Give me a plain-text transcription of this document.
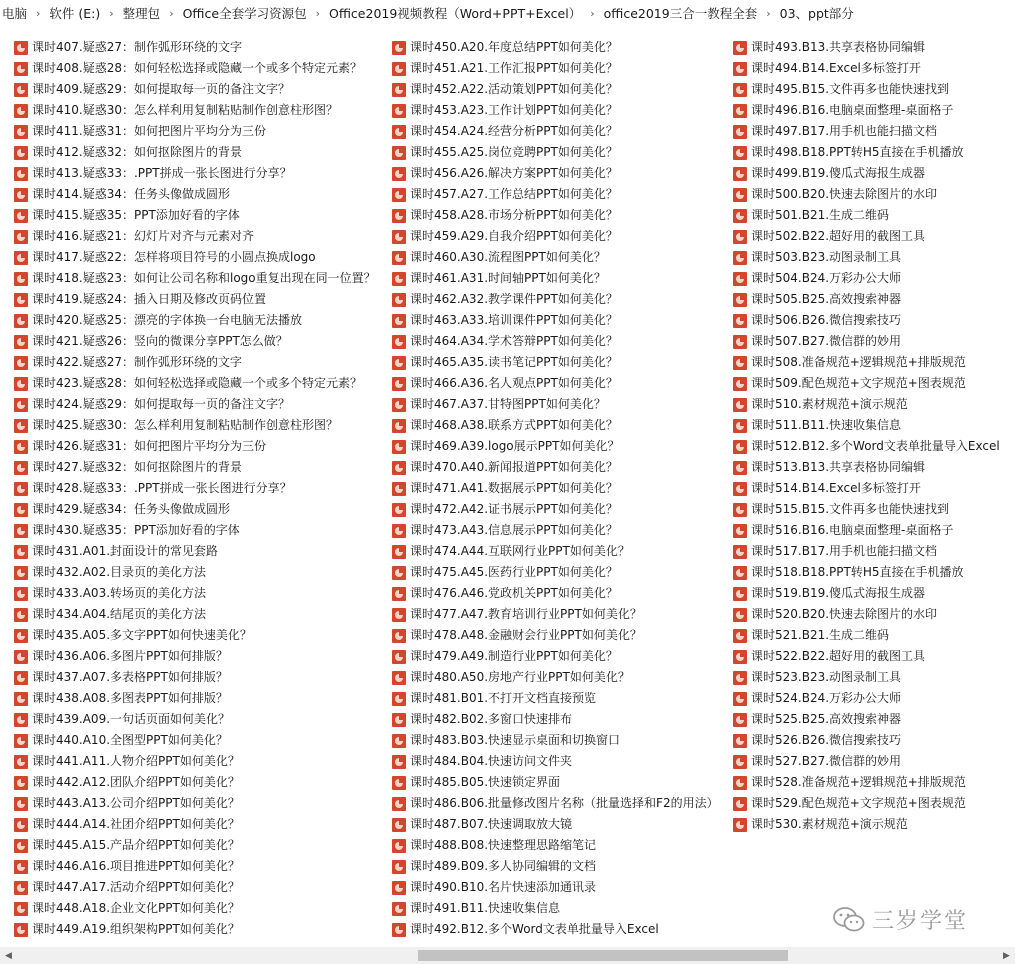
电脑 › 软件 (E:) › 整理包 › Office全套学习资源包 › Office2019视频教程（Word+PPT+Excel） › office2019三合一教程全套 › 03、ppt部分
课时407.疑惑27：制作弧形环绕的文字
课时408.疑惑28：如何轻松选择或隐藏一个或多个特定元素？
课时409.疑惑29：如何提取每一页的备注文字？
课时410.疑惑30：怎么样利用复制粘贴制作创意柱形图？
课时411.疑惑31：如何把图片平均分为三份
课时412.疑惑32：如何抠除图片的背景
课时413.疑惑33：.PPT拼成一张长图进行分享？
课时414.疑惑34：任务头像做成圆形
课时415.疑惑35：PPT添加好看的字体
课时416.疑惑21：幻灯片对齐与元素对齐
课时417.疑惑22：怎样将项目符号的小圆点换成logo
课时418.疑惑23：如何让公司名称和logo重复出现在同一位置？
课时419.疑惑24：插入日期及修改页码位置
课时420.疑惑25：漂亮的字体换一台电脑无法播放
课时421.疑惑26：竖向的微课分享PPT怎么做？
课时422.疑惑27：制作弧形环绕的文字
课时423.疑惑28：如何轻松选择或隐藏一个或多个特定元素？
课时424.疑惑29：如何提取每一页的备注文字？
课时425.疑惑30：怎么样利用复制粘贴制作创意柱形图？
课时426.疑惑31：如何把图片平均分为三份
课时427.疑惑32：如何抠除图片的背景
课时428.疑惑33：.PPT拼成一张长图进行分享？
课时429.疑惑34：任务头像做成圆形
课时430.疑惑35：PPT添加好看的字体
课时431.A01.封面设计的常见套路
课时432.A02.目录页的美化方法
课时433.A03.转场页的美化方法
课时434.A04.结尾页的美化方法
课时435.A05.多文字PPT如何快速美化？
课时436.A06.多图片PPT如何排版？
课时437.A07.多表格PPT如何排版？
课时438.A08.多图表PPT如何排版？
课时439.A09.一句话页面如何美化？
课时440.A10.全图型PPT如何美化？
课时441.A11.人物介绍PPT如何美化？
课时442.A12.团队介绍PPT如何美化？
课时443.A13.公司介绍PPT如何美化？
课时444.A14.社团介绍PPT如何美化？
课时445.A15.产品介绍PPT如何美化？
课时446.A16.项目推进PPT如何美化？
课时447.A17.活动介绍PPT如何美化？
课时448.A18.企业文化PPT如何美化？
课时449.A19.组织架构PPT如何美化？
课时450.A20.年度总结PPT如何美化？
课时451.A21.工作汇报PPT如何美化？
课时452.A22.活动策划PPT如何美化？
课时453.A23.工作计划PPT如何美化？
课时454.A24.经营分析PPT如何美化？
课时455.A25.岗位竞聘PPT如何美化？
课时456.A26.解决方案PPT如何美化？
课时457.A27.工作总结PPT如何美化？
课时458.A28.市场分析PPT如何美化？
课时459.A29.自我介绍PPT如何美化？
课时460.A30.流程图PPT如何美化？
课时461.A31.时间轴PPT如何美化？
课时462.A32.教学课件PPT如何美化？
课时463.A33.培训课件PPT如何美化？
课时464.A34.学术答辩PPT如何美化？
课时465.A35.读书笔记PPT如何美化？
课时466.A36.名人观点PPT如何美化？
课时467.A37.甘特图PPT如何美化？
课时468.A38.联系方式PPT如何美化？
课时469.A39.logo展示PPT如何美化？
课时470.A40.新闻报道PPT如何美化？
课时471.A41.数据展示PPT如何美化？
课时472.A42.证书展示PPT如何美化？
课时473.A43.信息展示PPT如何美化？
课时474.A44.互联网行业PPT如何美化？
课时475.A45.医药行业PPT如何美化？
课时476.A46.党政机关PPT如何美化？
课时477.A47.教育培训行业PPT如何美化？
课时478.A48.金融财会行业PPT如何美化？
课时479.A49.制造行业PPT如何美化？
课时480.A50.房地产行业PPT如何美化？
课时481.B01.不打开文档直接预览
课时482.B02.多窗口快速排布
课时483.B03.快速显示桌面和切换窗口
课时484.B04.快速访问文件夹
课时485.B05.快速锁定界面
课时486.B06.批量修改图片名称（批量选择和F2的用法）
课时487.B07.快速调取放大镜
课时488.B08.快速整理思路缩笔记
课时489.B09.多人协同编辑的文档
课时490.B10.名片快速添加通讯录
课时491.B11.快速收集信息
课时492.B12.多个Word文表单批量导入Excel
课时493.B13.共享表格协同编辑
课时494.B14.Excel多标签打开
课时495.B15.文件再多也能快速找到
课时496.B16.电脑桌面整理-桌面格子
课时497.B17.用手机也能扫描文档
课时498.B18.PPT转H5直接在手机播放
课时499.B19.傻瓜式海报生成器
课时500.B20.快速去除图片的水印
课时501.B21.生成二维码
课时502.B22.超好用的截图工具
课时503.B23.动图录制工具
课时504.B24.万彩办公大师
课时505.B25.高效搜索神器
课时506.B26.微信搜索技巧
课时507.B27.微信群的妙用
课时508.准备规范+逻辑规范+排版规范
课时509.配色规范+文字规范+图表规范
课时510.素材规范+演示规范
课时511.B11.快速收集信息
课时512.B12.多个Word文表单批量导入Excel
课时513.B13.共享表格协同编辑
课时514.B14.Excel多标签打开
课时515.B15.文件再多也能快速找到
课时516.B16.电脑桌面整理-桌面格子
课时517.B17.用手机也能扫描文档
课时518.B18.PPT转H5直接在手机播放
课时519.B19.傻瓜式海报生成器
课时520.B20.快速去除图片的水印
课时521.B21.生成二维码
课时522.B22.超好用的截图工具
课时523.B23.动图录制工具
课时524.B24.万彩办公大师
课时525.B25.高效搜索神器
课时526.B26.微信搜索技巧
课时527.B27.微信群的妙用
课时528.准备规范+逻辑规范+排版规范
课时529.配色规范+文字规范+图表规范
课时530.素材规范+演示规范
三岁学堂
◀	▶
